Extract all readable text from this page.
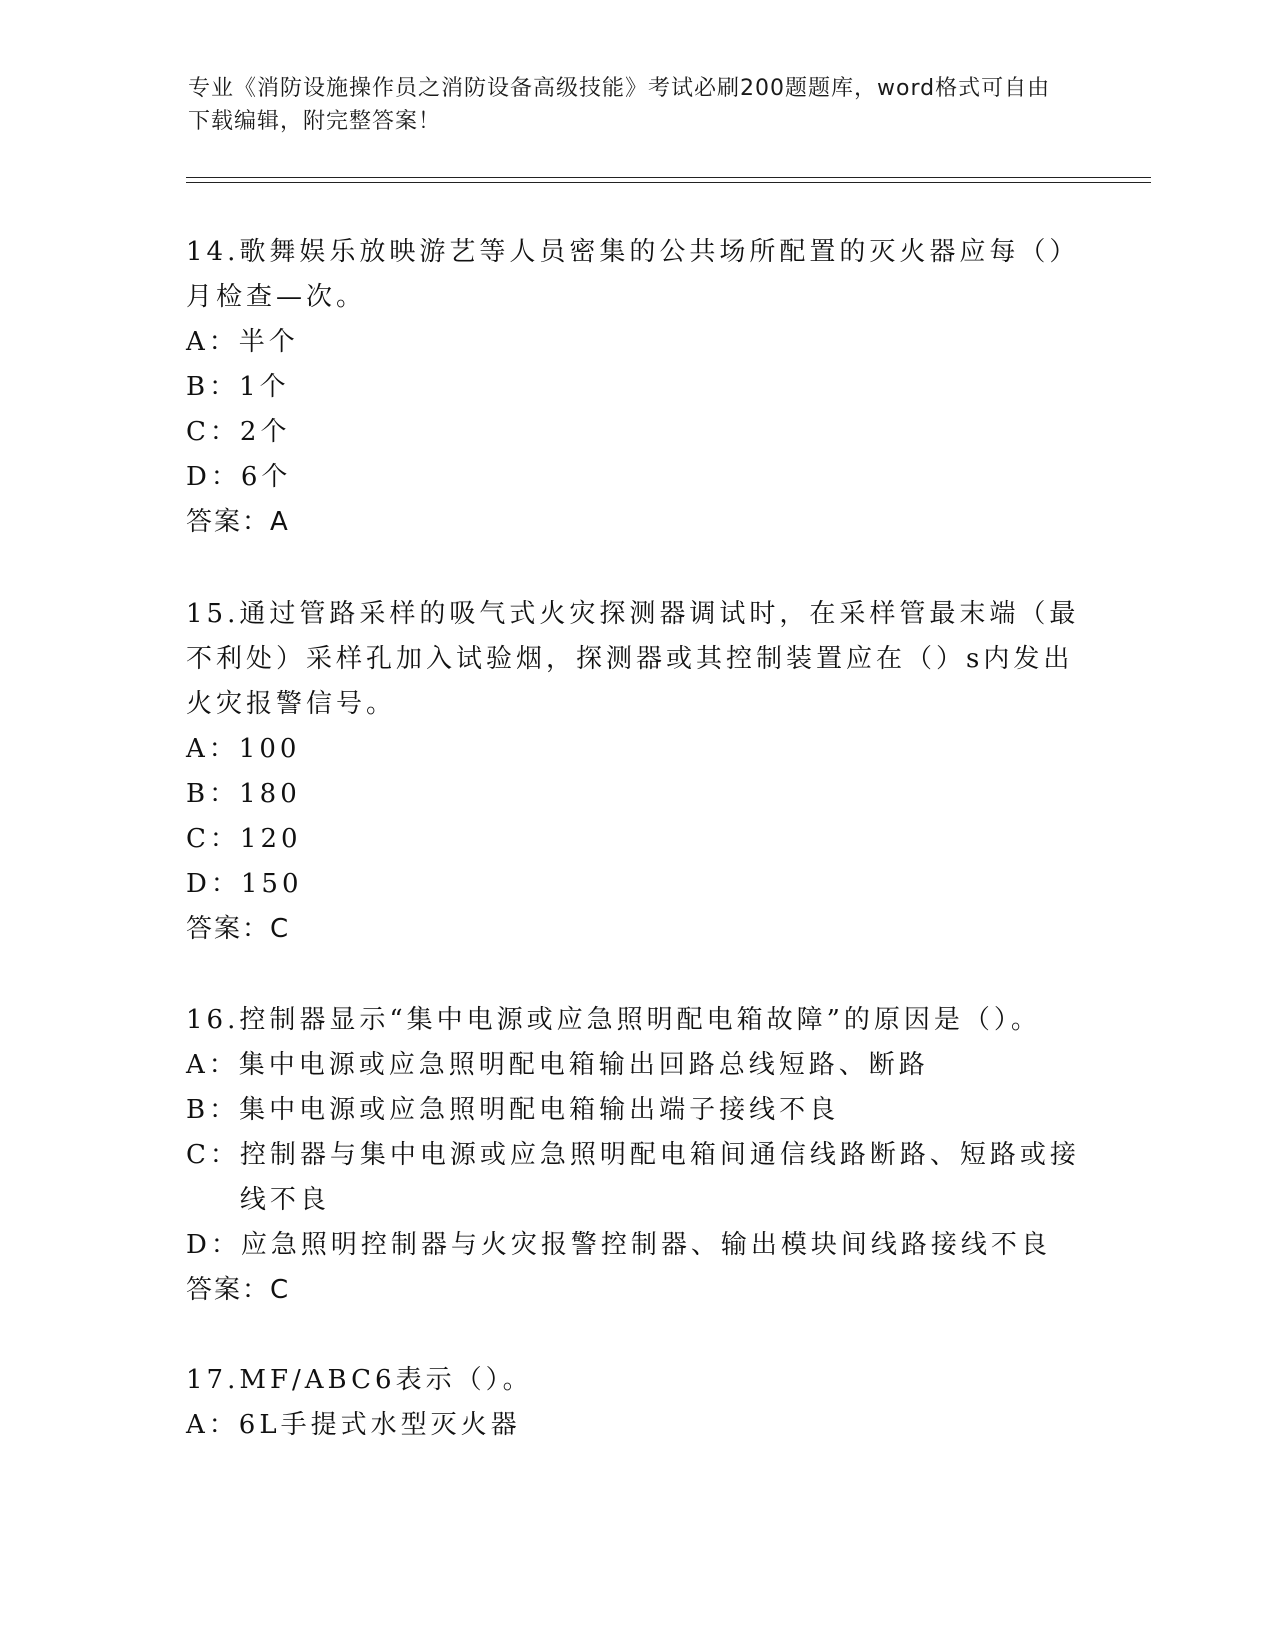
专业《消防设施操作员之消防设备高级技能》考试必刷200题题库，word格式可自由下载编辑，附完整答案！

14.歌舞娱乐放映游艺等人员密集的公共场所配置的灭火器应每（）月检查—次。

A： 半个

B： 1个

C： 2个

D： 6个

答案：A

15.通过管路采样的吸气式火灾探测器调试时，在采样管最末端（最不利处）采样孔加入试验烟，探测器或其控制装置应在（）s内发出火灾报警信号。

A： 100

B： 180

C： 120

D： 150

答案：C

16.控制器显示“集中电源或应急照明配电箱故障”的原因是（）。

A： 集中电源或应急照明配电箱输出回路总线短路、断路

B： 集中电源或应急照明配电箱输出端子接线不良

C： 控制器与集中电源或应急照明配电箱间通信线路断路、短路或接线不良

D： 应急照明控制器与火灾报警控制器、输出模块间线路接线不良

答案：C

17.MF/ABC6表示（）。

A： 6L手提式水型灭火器
